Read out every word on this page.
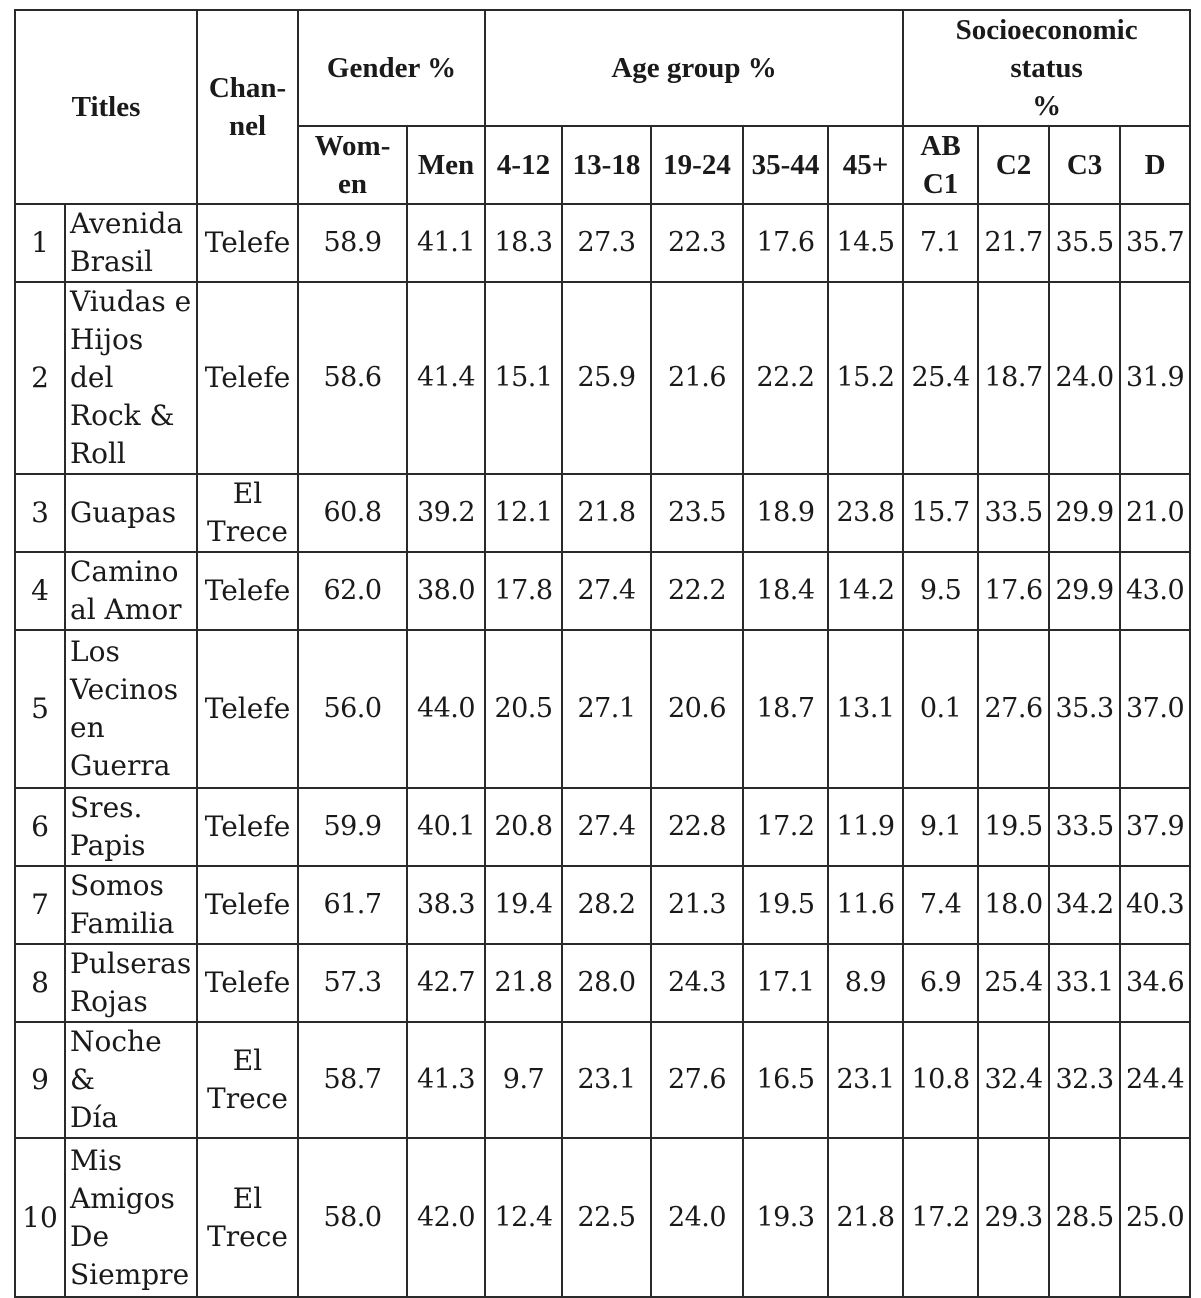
Titles		Chan-
nel	Gender %		Age group %					Socioeconomic
status
%			
			Wom-
en	Men	4-12	13-18	19-24	35-44	45+	AB
C1	C2	C3	D
1	Avenida
Brasil	Telefe	58.9	41.1	18.3	27.3	22.3	17.6	14.5	7.1	21.7	35.5	35.7
2	Viudas e
Hijos del
Rock &
Roll	Telefe	58.6	41.4	15.1	25.9	21.6	22.2	15.2	25.4	18.7	24.0	31.9
3	Guapas	El
Trece	60.8	39.2	12.1	21.8	23.5	18.9	23.8	15.7	33.5	29.9	21.0
4	Camino
al Amor	Telefe	62.0	38.0	17.8	27.4	22.2	18.4	14.2	9.5	17.6	29.9	43.0
5	Los
Vecinos
en
Guerra	Telefe	56.0	44.0	20.5	27.1	20.6	18.7	13.1	0.1	27.6	35.3	37.0
6	Sres.
Papis	Telefe	59.9	40.1	20.8	27.4	22.8	17.2	11.9	9.1	19.5	33.5	37.9
7	Somos
Familia	Telefe	61.7	38.3	19.4	28.2	21.3	19.5	11.6	7.4	18.0	34.2	40.3
8	Pulseras
Rojas	Telefe	57.3	42.7	21.8	28.0	24.3	17.1	8.9	6.9	25.4	33.1	34.6
9	Noche &
Día	El
Trece	58.7	41.3	9.7	23.1	27.6	16.5	23.1	10.8	32.4	32.3	24.4
10	Mis
Amigos
De
Siempre	El
Trece	58.0	42.0	12.4	22.5	24.0	19.3	21.8	17.2	29.3	28.5	25.0
